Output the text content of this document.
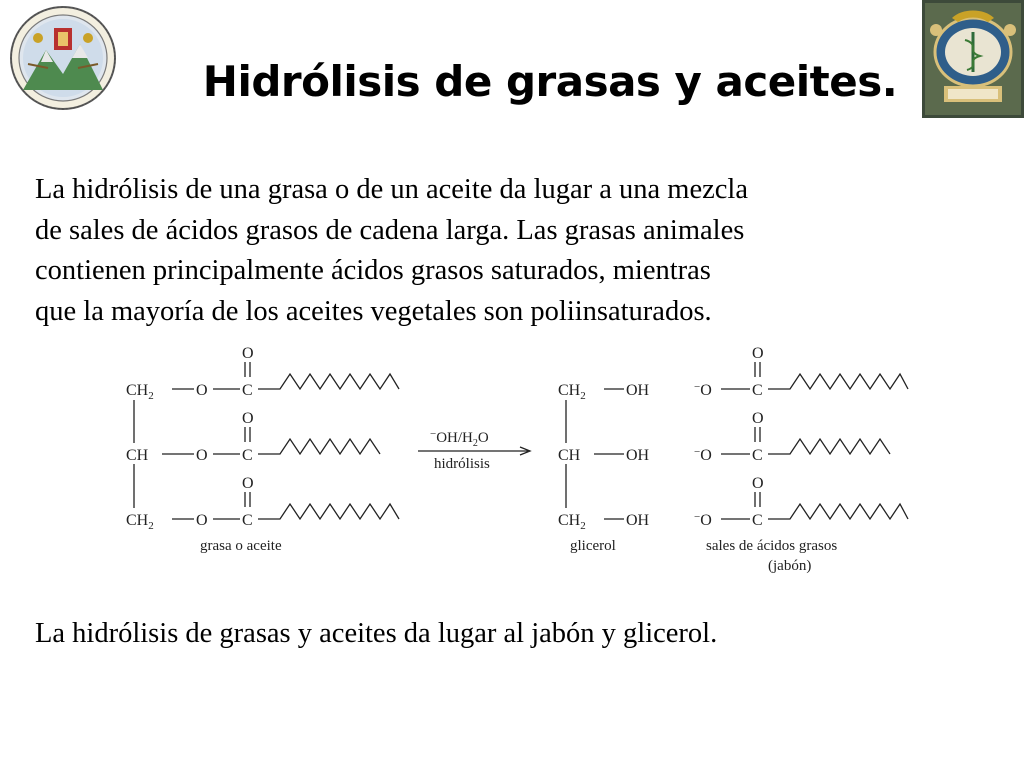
Hidrólisis de grasas y aceites.
La hidrólisis de una grasa o de un aceite da lugar a una mezcla
de sales de ácidos grasos de cadena larga. Las grasas animales
contienen principalmente ácidos grasos saturados, mientras
que la mayoría de los aceites vegetales son poliinsaturados.
$CH_2$	O C
O
CH	O C
O
$CH_2$	O C
O
grasa o aceite
$^-OH/H_2O$
hidrólisis
$CH_2$	OH
CH	OH
$CH_2$	OH
glicerol
−O	C
O
−O	C
O
−O	C
O
sales de ácidos grasos
(jabón)
La hidrólisis de grasas y aceites da lugar al jabón y glicerol.
